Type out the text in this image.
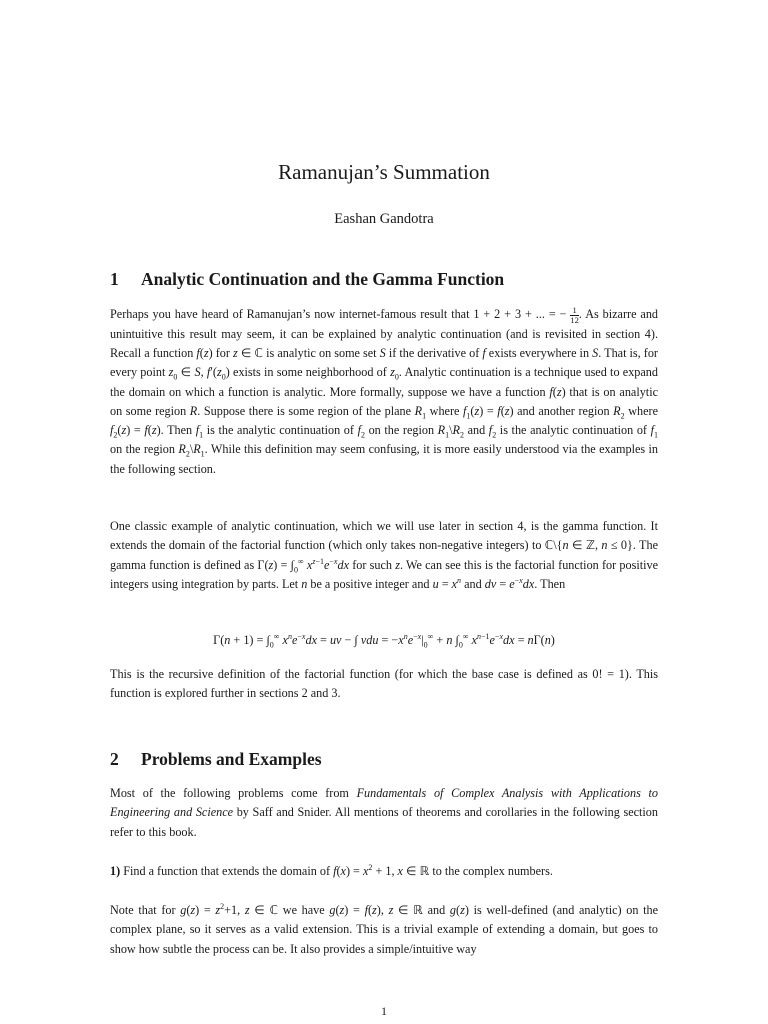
Ramanujan’s Summation
Eashan Gandotra
1 Analytic Continuation and the Gamma Function
Perhaps you have heard of Ramanujan’s now internet-famous result that 1 + 2 + 3 + ... = − $\frac{1}{12}$ . As bizarre and unintuitive this result may seem, it can be explained by analytic continuation (and is revisited in section 4). Recall a function f(z) for z ∈ ℂ is analytic on some set S if the derivative of f exists everywhere in S. That is, for every point $z_0$ ∈ S, $f'(z_0)$ exists in some neighborhood of $z_0$. Analytic continuation is a technique used to expand the domain on which a function is analytic. More formally, suppose we have a function f(z) that is on analytic on some region R. Suppose there is some region of the plane $R_1$ where $f_1(z) = f(z)$ and another region $R_2$ where $f_2(z) = f(z)$. Then $f_1$ is the analytic continuation of $f_2$ on the region $R_1\backslash R_2$ and $f_2$ is the analytic continuation of $f_1$ on the region $R_2\backslash R_1$. While this definition may seem confusing, it is more easily understood via the examples in the following section.
One classic example of analytic continuation, which we will use later in section 4, is the gamma function. It extends the domain of the factorial function (which only takes non-negative integers) to ℂ\{n ∈ ℤ, n ≤ 0}. The gamma function is defined as $\Gamma(z) = \int_0^\infty$ $x^{z-1}e^{-x}dx$ for such z. We can see this is the factorial function for positive integers using integration by parts. Let n be a positive integer and $u = x^n$ and dv = $e^{-x}dx$. Then
$\Gamma(n + 1) = \int_0^\infty$ $x^ne^{-x}dx$ = uv − ∫ vdu = $-x^ne^{-x}|_0^\infty + n$ $\int_0^\infty$ $x^{n-1}e^{-x}dx = n\Gamma(n)$
This is the recursive definition of the factorial function (for which the base case is defined as 0! = 1). This function is explored further in sections 2 and 3.
2 Problems and Examples
Most of the following problems come from Fundamentals of Complex Analysis with Applications to Engineering and Science by Saff and Snider. All mentions of theorems and corollaries in the following section refer to this book.
1) Find a function that extends the domain of $f(x) = x^2 + 1$, x ∈ ℝ to the complex numbers.
Note that for $g(z) = z^2+1$, z ∈ ℂ we have g(z) = f(z), z ∈ ℝ and g(z) is well-defined (and analytic) on the complex plane, so it serves as a valid extension. This is a trivial example of extending a domain, but goes to show how subtle the process can be. It also provides a simple/intuitive way
1
